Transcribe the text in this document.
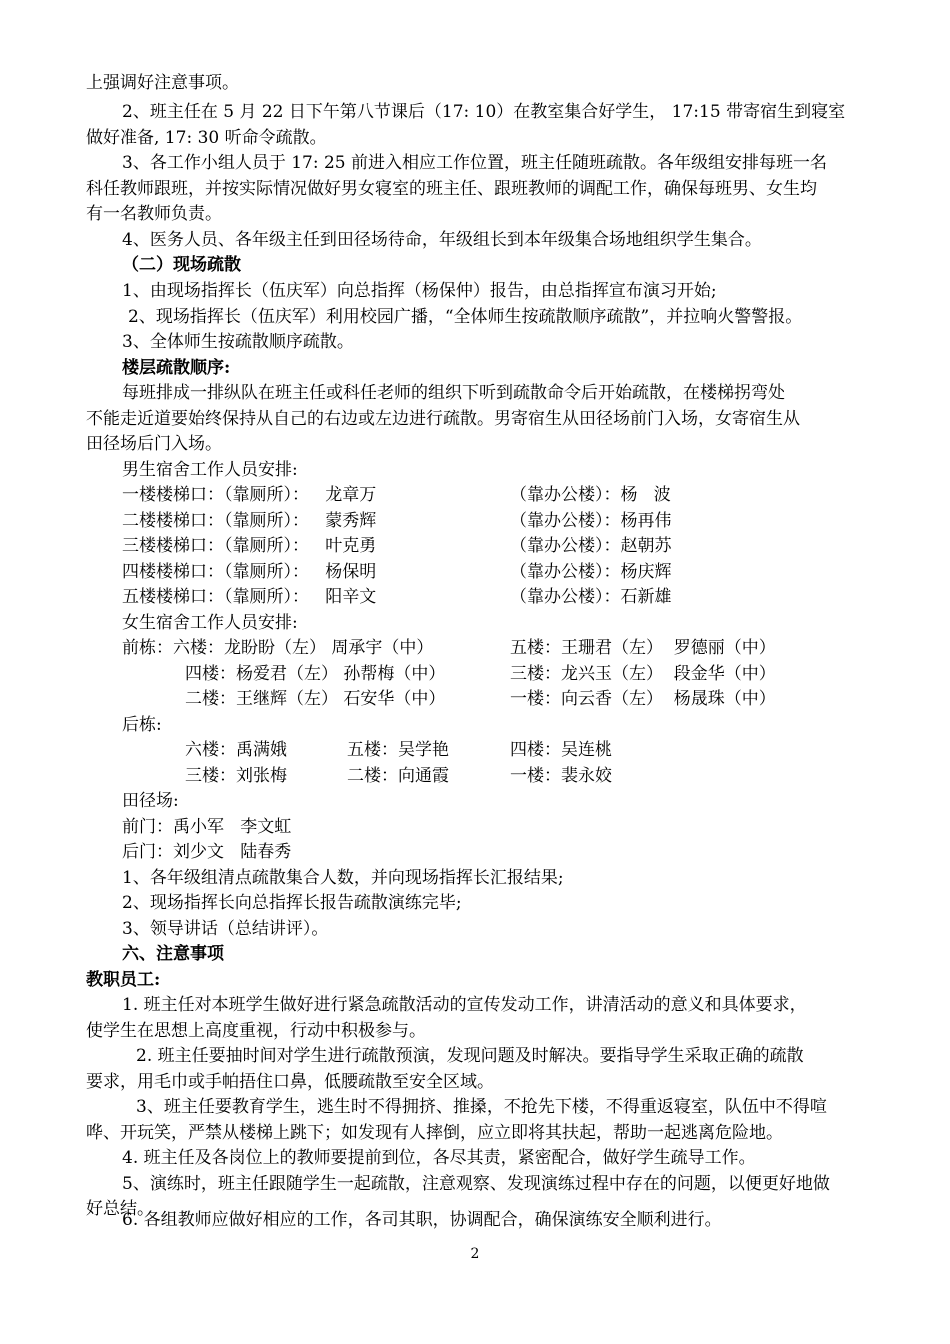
上强调好注意事项。
2、班主任在 5 月 22 日下午第八节课后（17: 10）在教室集合好学生， 17:15 带寄宿生到寝室
做好准备, 17: 30 听命令疏散。
3、各工作小组人员于 17: 25 前进入相应工作位置，班主任随班疏散。各年级组安排每班一名
科任教师跟班，并按实际情况做好男女寝室的班主任、跟班教师的调配工作，确保每班男、女生均
有一名教师负责。
4、医务人员、各年级主任到田径场待命，年级组长到本年级集合场地组织学生集合。
（二）现场疏散
1、由现场指挥长（伍庆军）向总指挥（杨保仲）报告，由总指挥宣布演习开始;
2、现场指挥长（伍庆军）利用校园广播，“全体师生按疏散顺序疏散”，并拉响火警警报。
3、全体师生按疏散顺序疏散。
楼层疏散顺序:
每班排成一排纵队在班主任或科任老师的组织下听到疏散命令后开始疏散，在楼梯拐弯处
不能走近道要始终保持从自己的右边或左边进行疏散。男寄宿生从田径场前门入场，女寄宿生从
田径场后门入场。
男生宿舍工作人员安排:
一楼楼梯口：（靠厕所）：   龙章万	（靠办公楼）：杨   波
二楼楼梯口：（靠厕所）：   蒙秀辉	（靠办公楼）：杨再伟
三楼楼梯口：（靠厕所）：   叶克勇	（靠办公楼）：赵朝苏
四楼楼梯口：（靠厕所）：   杨保明	（靠办公楼）：杨庆辉
五楼楼梯口：（靠厕所）：   阳辛文	（靠办公楼）：石新雄
女生宿舍工作人员安排:
前栋：六楼：龙盼盼（左） 周承宇（中）	五楼：王珊君（左）  罗德丽（中）
四楼：杨爱君（左） 孙帮梅（中）	三楼：龙兴玉（左）  段金华（中）
二楼：王继辉（左） 石安华（中）	一楼：向云香（左）  杨晟珠（中）
后栋:
六楼：禹满娥	五楼：吴学艳	四楼：吴连桃
三楼：刘张梅	二楼：向通霞	一楼：裴永姣
田径场:
前门：禹小军   李文虹
后门：刘少文   陆春秀
1、各年级组清点疏散集合人数，并向现场指挥长汇报结果;
2、现场指挥长向总指挥长报告疏散演练完毕;
3、领导讲话（总结讲评）。
六、注意事项
教职员工:
1. 班主任对本班学生做好进行紧急疏散活动的宣传发动工作，讲清活动的意义和具体要求，
使学生在思想上高度重视，行动中积极参与。
2. 班主任要抽时间对学生进行疏散预演，发现问题及时解决。要指导学生采取正确的疏散
要求，用毛巾或手帕捂住口鼻，低腰疏散至安全区域。
3、班主任要教育学生，逃生时不得拥挤、推搡，不抢先下楼，不得重返寝室，队伍中不得喧
哗、开玩笑，严禁从楼梯上跳下；如发现有人摔倒，应立即将其扶起，帮助一起逃离危险地。
4. 班主任及各岗位上的教师要提前到位，各尽其责，紧密配合，做好学生疏导工作。
5、演练时，班主任跟随学生一起疏散，注意观察、发现演练过程中存在的问题，以便更好地做
好总结。
6. 各组教师应做好相应的工作，各司其职，协调配合，确保演练安全顺利进行。
2
